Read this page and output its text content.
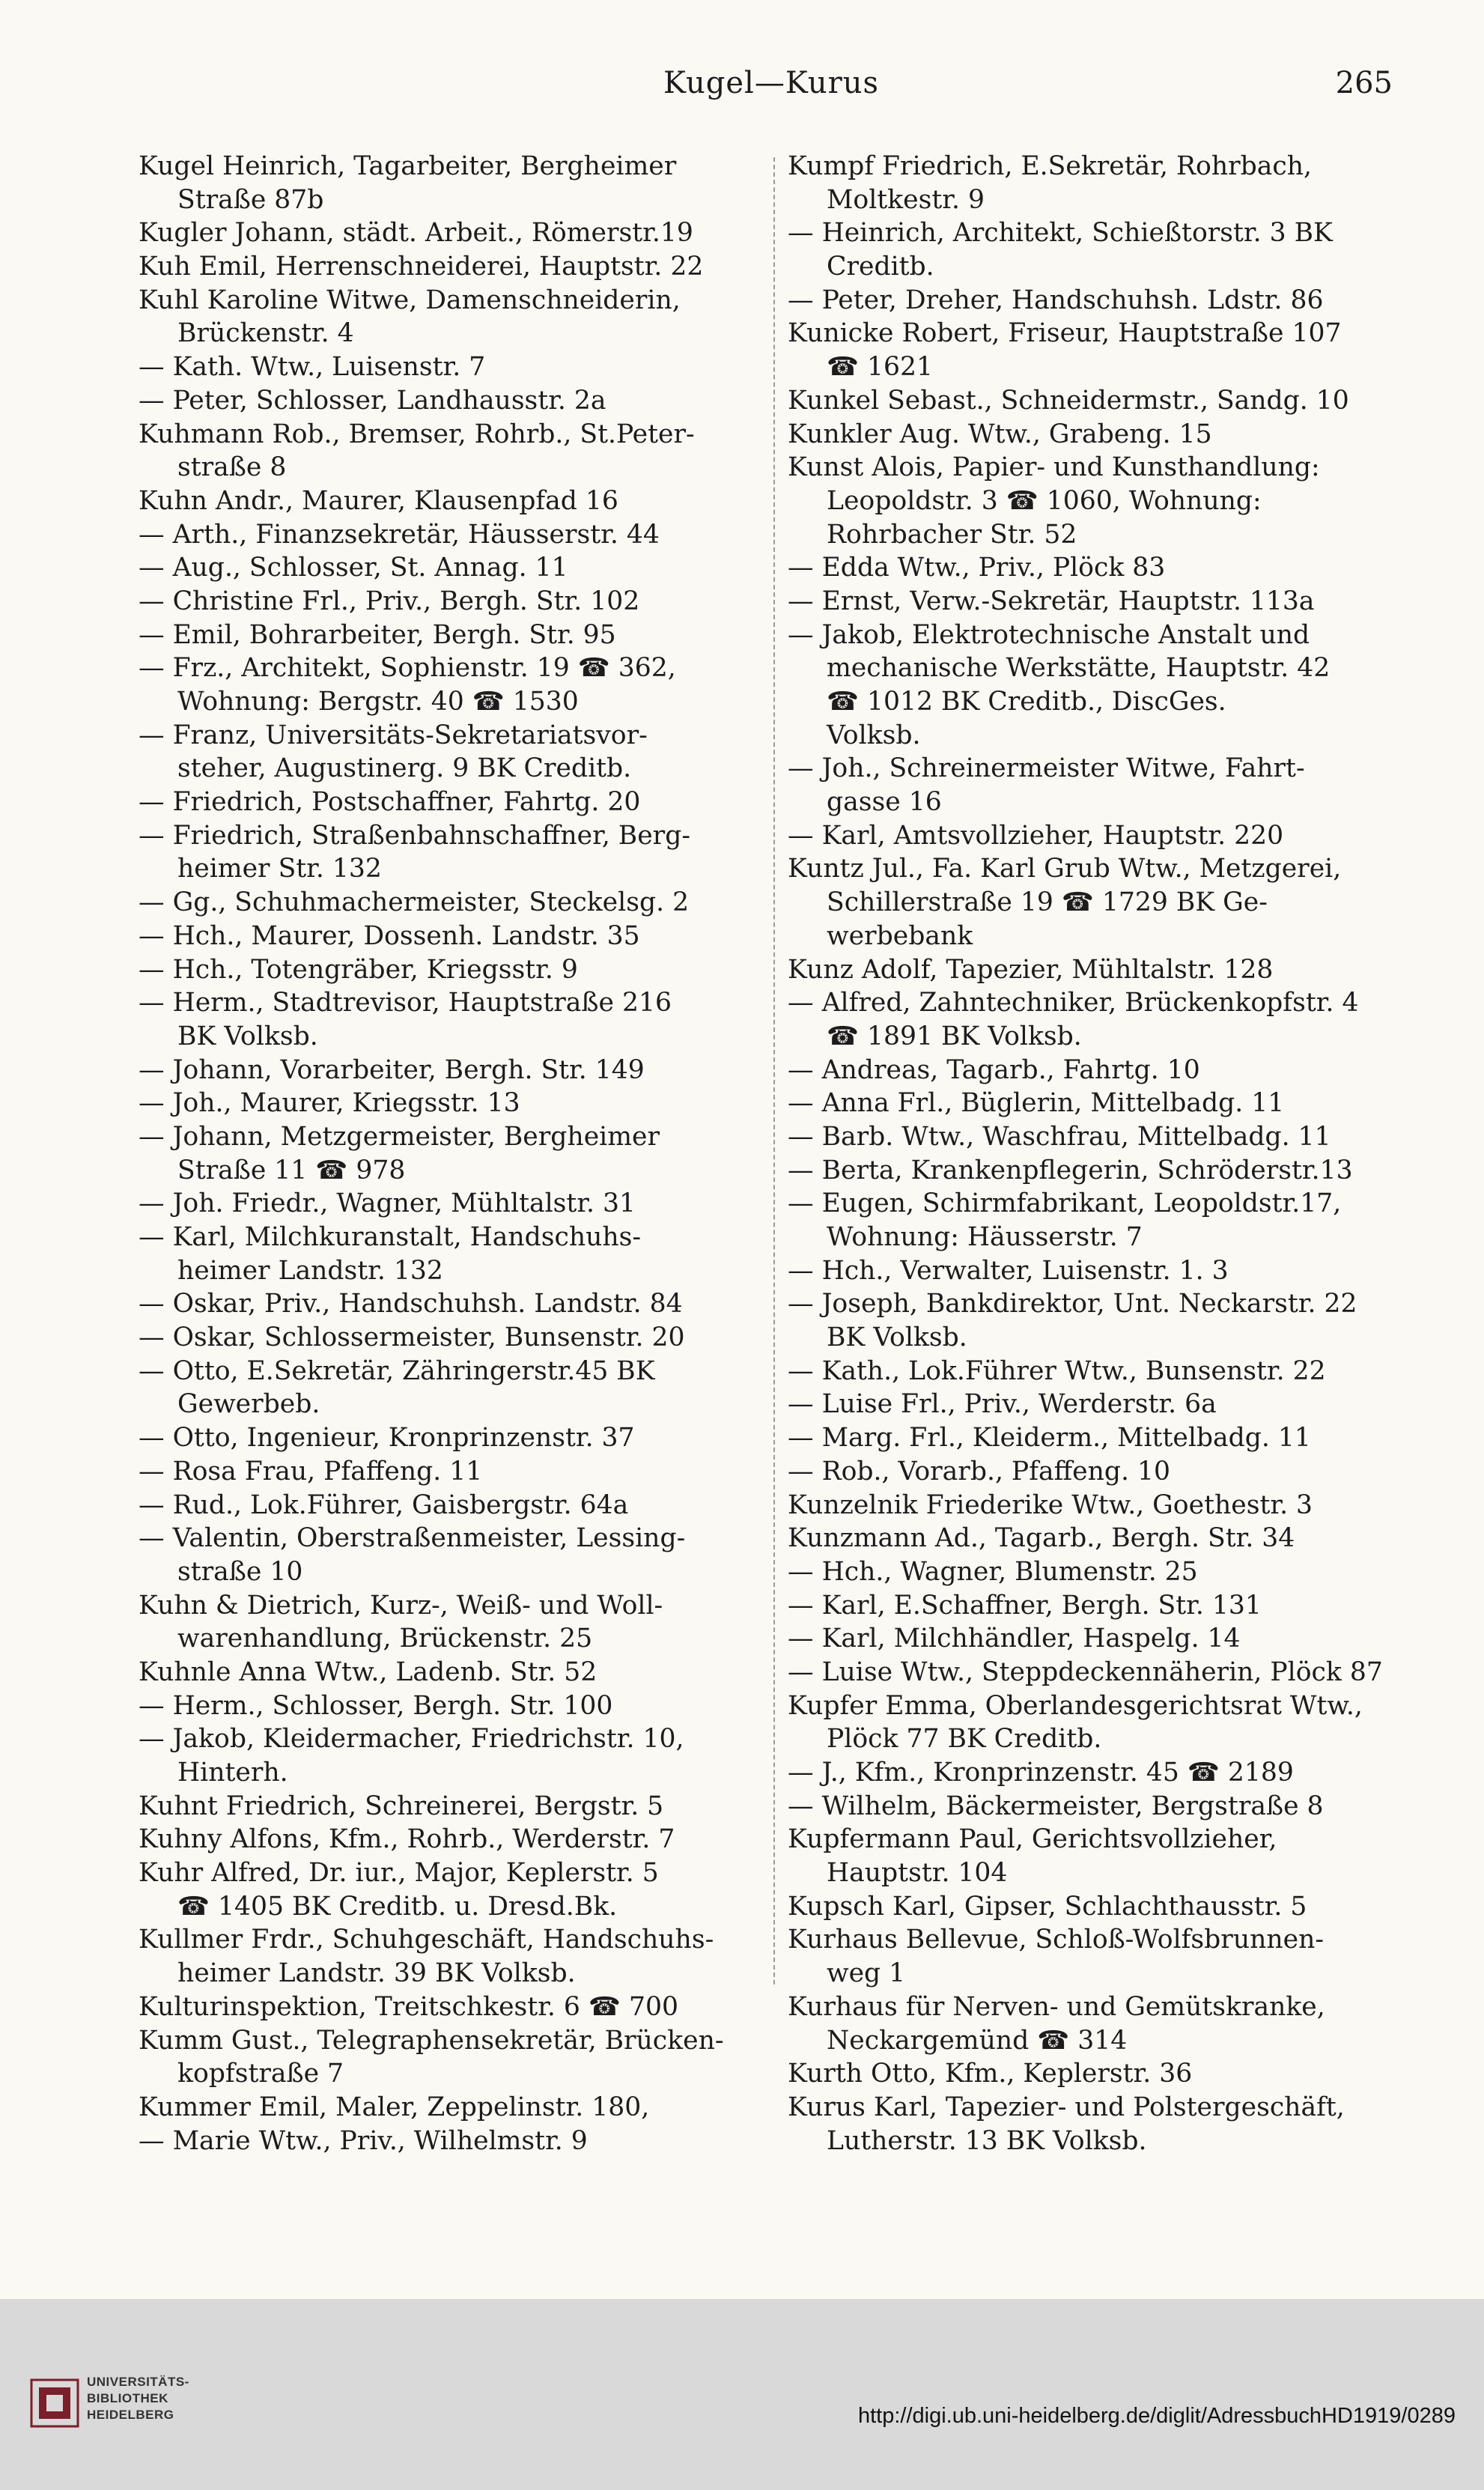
Kugel—Kurus	265
Kugel Heinrich, Tagarbeiter, Bergheimer
Straße 87b
Kugler Johann, städt. Arbeit., Römerstr.19
Kuh Emil, Herrenschneiderei, Hauptstr. 22
Kuhl Karoline Witwe, Damenschneiderin,
Brückenstr. 4
— Kath. Wtw., Luisenstr. 7
— Peter, Schlosser, Landhausstr. 2a
Kuhmann Rob., Bremser, Rohrb., St.Peter-
straße 8
Kuhn Andr., Maurer, Klausenpfad 16
— Arth., Finanzsekretär, Häusserstr. 44
— Aug., Schlosser, St. Annag. 11
— Christine Frl., Priv., Bergh. Str. 102
— Emil, Bohrarbeiter, Bergh. Str. 95
— Frz., Architekt, Sophienstr. 19 ☎ 362,
Wohnung: Bergstr. 40 ☎ 1530
— Franz, Universitäts-Sekretariatsvor-
steher, Augustinerg. 9 BK Creditb.
— Friedrich, Postschaffner, Fahrtg. 20
— Friedrich, Straßenbahnschaffner, Berg-
heimer Str. 132
— Gg., Schuhmachermeister, Steckelsg. 2
— Hch., Maurer, Dossenh. Landstr. 35
— Hch., Totengräber, Kriegsstr. 9
— Herm., Stadtrevisor, Hauptstraße 216
BK Volksb.
— Johann, Vorarbeiter, Bergh. Str. 149
— Joh., Maurer, Kriegsstr. 13
— Johann, Metzgermeister, Bergheimer
Straße 11 ☎ 978
— Joh. Friedr., Wagner, Mühltalstr. 31
— Karl, Milchkuranstalt, Handschuhs-
heimer Landstr. 132
— Oskar, Priv., Handschuhsh. Landstr. 84
— Oskar, Schlossermeister, Bunsenstr. 20
— Otto, E.Sekretär, Zähringerstr.45 BK
Gewerbeb.
— Otto, Ingenieur, Kronprinzenstr. 37
— Rosa Frau, Pfaffeng. 11
— Rud., Lok.Führer, Gaisbergstr. 64a
— Valentin, Oberstraßenmeister, Lessing-
straße 10
Kuhn & Dietrich, Kurz-, Weiß- und Woll-
warenhandlung, Brückenstr. 25
Kuhnle Anna Wtw., Ladenb. Str. 52
— Herm., Schlosser, Bergh. Str. 100
— Jakob, Kleidermacher, Friedrichstr. 10,
Hinterh.
Kuhnt Friedrich, Schreinerei, Bergstr. 5
Kuhny Alfons, Kfm., Rohrb., Werderstr. 7
Kuhr Alfred, Dr. iur., Major, Keplerstr. 5
☎ 1405 BK Creditb. u. Dresd.Bk.
Kullmer Frdr., Schuhgeschäft, Handschuhs-
heimer Landstr. 39 BK Volksb.
Kulturinspektion, Treitschkestr. 6 ☎ 700
Kumm Gust., Telegraphensekretär, Brücken-
kopfstraße 7
Kummer Emil, Maler, Zeppelinstr. 180,
— Marie Wtw., Priv., Wilhelmstr. 9
Kumpf Friedrich, E.Sekretär, Rohrbach,
Moltkestr. 9
— Heinrich, Architekt, Schießtorstr. 3 BK
Creditb.
— Peter, Dreher, Handschuhsh. Ldstr. 86
Kunicke Robert, Friseur, Hauptstraße 107
☎ 1621
Kunkel Sebast., Schneidermstr., Sandg. 10
Kunkler Aug. Wtw., Grabeng. 15
Kunst Alois, Papier- und Kunsthandlung:
Leopoldstr. 3 ☎ 1060, Wohnung:
Rohrbacher Str. 52
— Edda Wtw., Priv., Plöck 83
— Ernst, Verw.-Sekretär, Hauptstr. 113a
— Jakob, Elektrotechnische Anstalt und
mechanische Werkstätte, Hauptstr. 42
☎ 1012 BK Creditb., DiscGes.
Volksb.
— Joh., Schreinermeister Witwe, Fahrt-
gasse 16
— Karl, Amtsvollzieher, Hauptstr. 220
Kuntz Jul., Fa. Karl Grub Wtw., Metzgerei,
Schillerstraße 19 ☎ 1729 BK Ge-
werbebank
Kunz Adolf, Tapezier, Mühltalstr. 128
— Alfred, Zahntechniker, Brückenkopfstr. 4
☎ 1891 BK Volksb.
— Andreas, Tagarb., Fahrtg. 10
— Anna Frl., Büglerin, Mittelbadg. 11
— Barb. Wtw., Waschfrau, Mittelbadg. 11
— Berta, Krankenpflegerin, Schröderstr.13
— Eugen, Schirmfabrikant, Leopoldstr.17,
Wohnung: Häusserstr. 7
— Hch., Verwalter, Luisenstr. 1. 3
— Joseph, Bankdirektor, Unt. Neckarstr. 22
BK Volksb.
— Kath., Lok.Führer Wtw., Bunsenstr. 22
— Luise Frl., Priv., Werderstr. 6a
— Marg. Frl., Kleiderm., Mittelbadg. 11
— Rob., Vorarb., Pfaffeng. 10
Kunzelnik Friederike Wtw., Goethestr. 3
Kunzmann Ad., Tagarb., Bergh. Str. 34
— Hch., Wagner, Blumenstr. 25
— Karl, E.Schaffner, Bergh. Str. 131
— Karl, Milchhändler, Haspelg. 14
— Luise Wtw., Steppdeckennäherin, Plöck 87
Kupfer Emma, Oberlandesgerichtsrat Wtw.,
Plöck 77 BK Creditb.
— J., Kfm., Kronprinzenstr. 45 ☎ 2189
— Wilhelm, Bäckermeister, Bergstraße 8
Kupfermann Paul, Gerichtsvollzieher,
Hauptstr. 104
Kupsch Karl, Gipser, Schlachthausstr. 5
Kurhaus Bellevue, Schloß-Wolfsbrunnen-
weg 1
Kurhaus für Nerven- und Gemütskranke,
Neckargemünd ☎ 314
Kurth Otto, Kfm., Keplerstr. 36
Kurus Karl, Tapezier- und Polstergeschäft,
Lutherstr. 13 BK Volksb.
UNIVERSITÄTS-
BIBLIOTHEK
HEIDELBERG	http://digi.ub.uni-heidelberg.de/diglit/AdressbuchHD1919/0289
